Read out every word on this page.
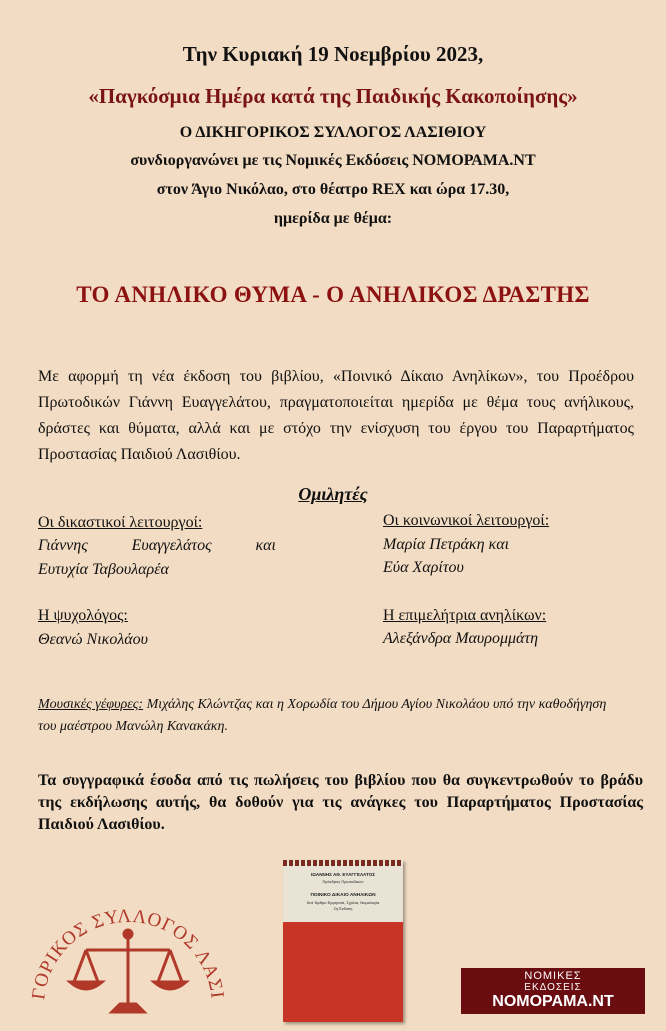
Την Κυριακή 19 Νοεμβρίου 2023,
«Παγκόσμια Ημέρα κατά της Παιδικής Κακοποίησης»
Ο ΔΙΚΗΓΟΡΙΚΟΣ ΣΥΛΛΟΓΟΣ ΛΑΣΙΘΙΟΥ
συνδιοργανώνει με τις Νομικές Εκδόσεις ΝΟΜΟΡΑΜΑ.ΝΤ
στον Άγιο Νικόλαο, στο θέατρο REX και ώρα 17.30,
ημερίδα με θέμα:
ΤΟ ΑΝΗΛΙΚΟ ΘΥΜΑ - Ο ΑΝΗΛΙΚΟΣ ΔΡΑΣΤΗΣ
Με αφορμή τη νέα έκδοση του βιβλίου, «Ποινικό Δίκαιο Ανηλίκων», του Προέδρου Πρωτοδικών Γιάννη Ευαγγελάτου, πραγματοποιείται ημερίδα με θέμα τους ανήλικους, δράστες και θύματα, αλλά και με στόχο την ενίσχυση του έργου του Παραρτήματος Προστασίας Παιδιού Λασιθίου.
Ομιλητές
Οι δικαστικοί λειτουργοί:
Γιάννης Ευαγγελάτος και
Ευτυχία Ταβουλαρέα
Οι κοινωνικοί λειτουργοί:
Μαρία Πετράκη και
Εύα Χαρίτου
Η ψυχολόγος:
Θεανώ Νικολάου
Η επιμελήτρια ανηλίκων:
Αλεξάνδρα Μαυρομμάτη
Μουσικές γέφυρες: Μιχάλης Κλώντζας και η Χορωδία του Δήμου Αγίου Νικολάου υπό την καθοδήγηση του μαέστρου Μανώλη Κανακάκη.
Τα συγγραφικά έσοδα από τις πωλήσεις του βιβλίου που θα συγκεντρωθούν το βράδυ της εκδήλωσης αυτής, θα δοθούν για τις ανάγκες του Παραρτήματος Προστασίας Παιδιού Λασιθίου.
ΓΟΡΙΚΟΣ ΣΥΛΛΟΓΟΣ ΛΑΣΙ
ΙΩΑΝΝΗΣ ΑΘ. ΕΥΑΓΓΕΛΑΤΟΣ
Πρόεδρος Πρωτοδικών
ΠΟΙΝΙΚΟ ΔΙΚΑΙΟ ΑΝΗΛΙΚΩΝ
Κατ' Άρθρο Ερμηνεία, Σχόλια, Νομολογία
2η Έκδοση
ΝΟΜΙΚΕΣ
ΕΚΔΟΣΕΙΣ
ΝΟΜΟΡΑΜΑ.ΝΤ
